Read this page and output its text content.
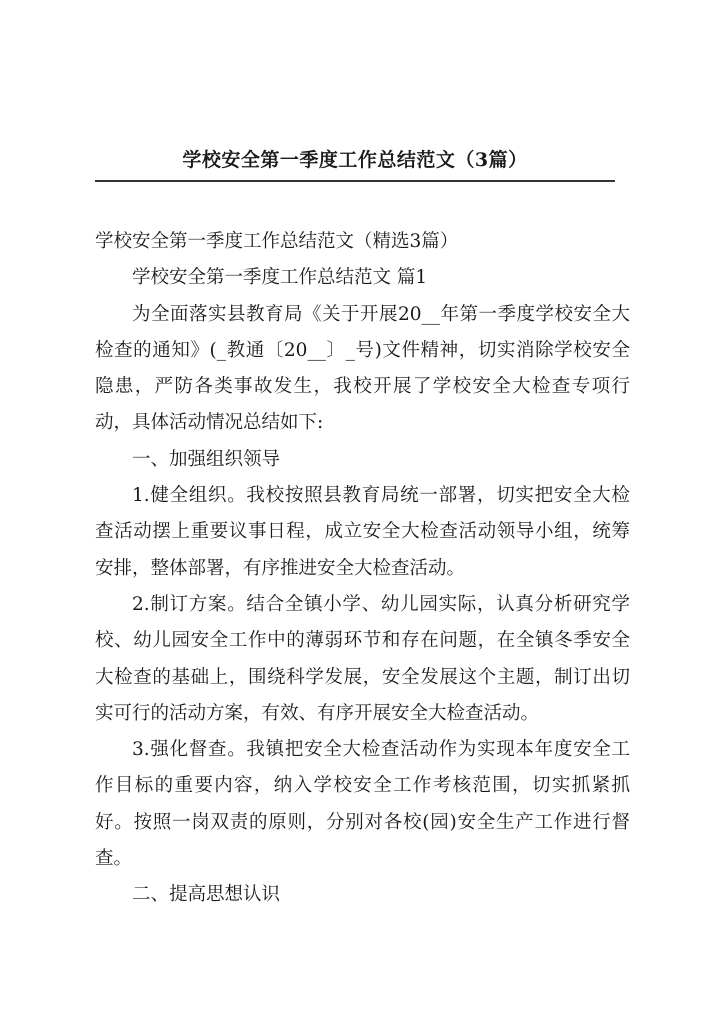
学校安全第一季度工作总结范文（3篇）

学校安全第一季度工作总结范文（精选3篇）

学校安全第一季度工作总结范文 篇1

为全面落实县教育局《关于开展20__年第一季度学校安全大检查的通知》(_教通〔20__〕_号)文件精神，切实消除学校安全隐患，严防各类事故发生，我校开展了学校安全大检查专项行动，具体活动情况总结如下:

一、加强组织领导

1.健全组织。我校按照县教育局统一部署，切实把安全大检查活动摆上重要议事日程，成立安全大检查活动领导小组，统筹安排，整体部署，有序推进安全大检查活动。

2.制订方案。结合全镇小学、幼儿园实际，认真分析研究学校、幼儿园安全工作中的薄弱环节和存在问题，在全镇冬季安全大检查的基础上，围绕科学发展，安全发展这个主题，制订出切实可行的活动方案，有效、有序开展安全大检查活动。

3.强化督查。我镇把安全大检查活动作为实现本年度安全工作目标的重要内容，纳入学校安全工作考核范围，切实抓紧抓好。按照一岗双责的原则，分别对各校(园)安全生产工作进行督查。

二、提高思想认识
